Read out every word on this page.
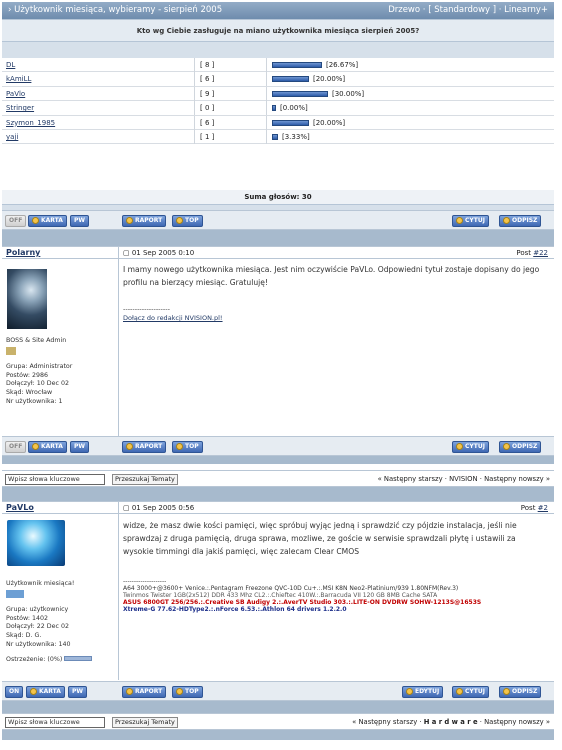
› Użytkownik miesiąca, wybieramy - sierpień 2005	Drzewo · [ Standardowy ] · Linearny+
Kto wg Ciebie zasługuje na miano użytkownika miesiąca sierpień 2005?
DL	[ 8 ]	[26.67%]
kAmiLL	[ 6 ]	[20.00%]
PaVlo	[ 9 ]	[30.00%]
Stringer	[ 0 ]	[0.00%]
Szymon_1985	[ 6 ]	[20.00%]
yaji	[ 1 ]	[3.33%]
Suma głosów: 30
OFF	KARTA	PW	RAPORT	TOP	CYTUJ	ODPISZ
Polarny
BOSS & Site Admin
Grupa: Administrator
Postów: 2986
Dołączył: 10 Dec 02
Skąd: Wrocław
Nr użytkownika: 1
▢ 01 Sep 2005 0:10	Post #22
I mamy nowego użytkownika miesiąca. Jest nim oczywiście PaVLo. Odpowiedni tytuł zostaje dopisany do jego profilu na bierzący miesiąc. Gratuluję!
--------------------
Dołącz do redakcji NVISION.pl!
OFF	KARTA	PW	RAPORT	TOP	CYTUJ	ODPISZ
Wpisz słowa kluczowe	Przeszukaj Tematy	« Następny starszy · NVISION · Następny nowszy »
PaVLo
Użytkownik miesiąca!
Grupa: użytkownicy
Postów: 1402
Dołączył: 22 Dec 02
Skąd: D. G.
Nr użytkownika: 140
Ostrzeżenie: (0%)
▢ 01 Sep 2005 0:56	Post #2
widze, że masz dwie kości pamięci, więc spróbuj wyjąc jedną i sprawdzić czy pójdzie instalacja, jeśli nie sprawdzaj z druga pamięcią, druga sprawa, mozliwe, ze goście w serwisie sprawdzali płytę i ustawili za wysokie timmingi dla jakiś pamięci, więc zalecam Clear CMOS
--------------------
A64 3000+@3600+ Venice.:.Pentagram Freezone QVC-10D Cu+.:.MSI K8N Neo2-Platinium/939 1.80NFM(Rev.3)
Twinmos Twister 1GB(2x512) DDR 433 Mhz CL2.:.Chieftec 410W.:.Barracuda VII 120 GB 8MB Cache SATA
ASUS 6800GT 256/256.:.Creative SB Audigy 2.:.AverTV Studio 303.:.LITE-ON DVDRW SOHW-1213S@1653S
Xtreme-G 77.62-HDType2.:.nForce 6.53.:.Athlon 64 drivers 1.2.2.0
ON	KARTA	PW	RAPORT	TOP	EDYTUJ	CYTUJ	ODPISZ
Wpisz słowa kluczowe	Przeszukaj Tematy	« Następny starszy · H a r d w a r e · Następny nowszy »
